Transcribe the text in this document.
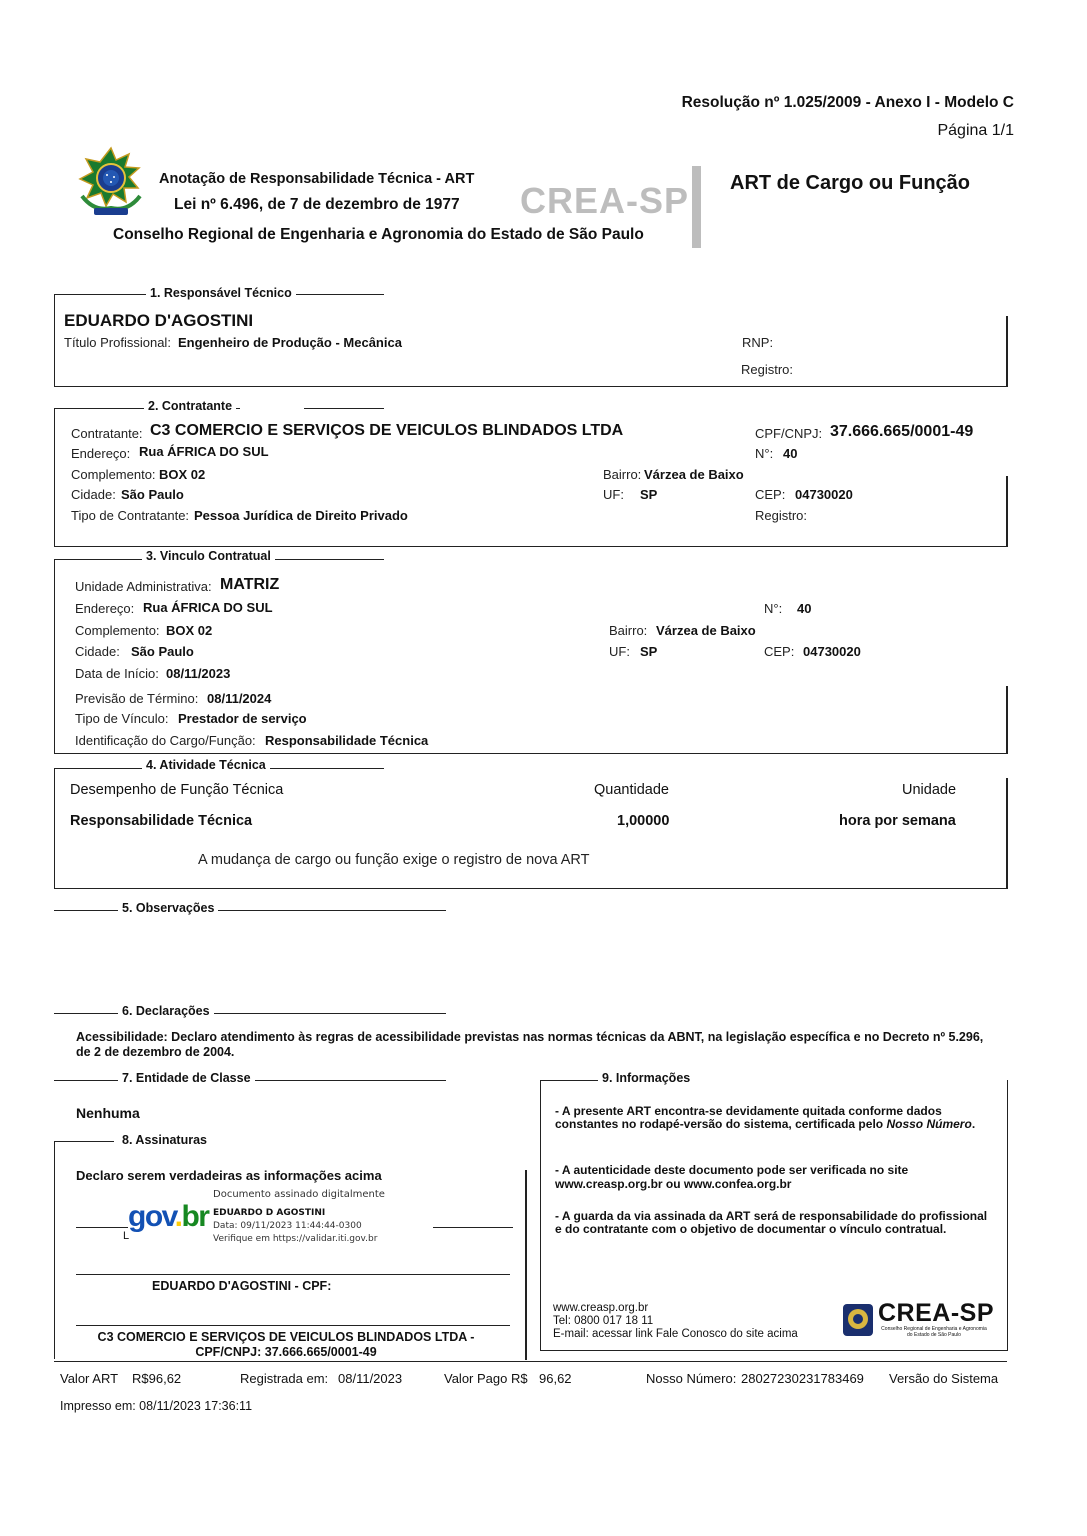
Resolução nº 1.025/2009 - Anexo I - Modelo C
Página 1/1
Anotação de Responsabilidade Técnica - ART
Lei nº 6.496, de 7 de dezembro de 1977
Conselho Regional de Engenharia e Agronomia do Estado de São Paulo
CREA-SP ART de Cargo ou Função
1. Responsável Técnico
EDUARDO D'AGOSTINI
Título Profissional: Engenheiro de Produção - Mecânica	RNP:
Registro:
2. Contratante
Contratante: C3 COMERCIO E SERVIÇOS DE VEICULOS BLINDADOS LTDA	CPF/CNPJ: 37.666.665/0001-49
Endereço: Rua ÁFRICA DO SUL	N°: 40
Complemento: BOX 02	Bairro: Várzea de Baixo
Cidade: São Paulo	UF: SP	CEP: 04730020
Tipo de Contratante: Pessoa Jurídica de Direito Privado	Registro:
3. Vinculo Contratual
Unidade Administrativa: MATRIZ
Endereço: Rua ÁFRICA DO SUL	N°: 40
Complemento: BOX 02	Bairro: Várzea de Baixo
Cidade: São Paulo	UF: SP	CEP: 04730020
Data de Início: 08/11/2023
Previsão de Término: 08/11/2024
Tipo de Vínculo: Prestador de serviço
Identificação do Cargo/Função: Responsabilidade Técnica
4. Atividade Técnica
Desempenho de Função Técnica	Quantidade	Unidade
Responsabilidade Técnica	1,00000	hora por semana
A mudança de cargo ou função exige o registro de nova ART
5. Observações
6. Declarações
Acessibilidade: Declaro atendimento às regras de acessibilidade previstas nas normas técnicas da ABNT, na legislação específica e no Decreto nº 5.296,
de 2 de dezembro de 2004.
7. Entidade de Classe
Nenhuma
8. Assinaturas
Declaro serem verdadeiras as informações acima
L
gov.br
Documento assinado digitalmente
EDUARDO D AGOSTINI
Data: 09/11/2023 11:44:44-0300
Verifique em https://validar.iti.gov.br
EDUARDO D'AGOSTINI - CPF:
C3 COMERCIO E SERVIÇOS DE VEICULOS BLINDADOS LTDA -
CPF/CNPJ: 37.666.665/0001-49
9. Informações
- A presente ART encontra-se devidamente quitada conforme dados
constantes no rodapé-versão do sistema, certificada pelo Nosso Número.
- A autenticidade deste documento pode ser verificada no site
www.creasp.org.br ou www.confea.org.br
- A guarda da via assinada da ART será de responsabilidade do profissional
e do contratante com o objetivo de documentar o vínculo contratual.
www.creasp.org.br
Tel: 0800 017 18 11
E-mail: acessar link Fale Conosco do site acima
CREA-SP
Conselho Regional de Engenharia e Agronomia do Estado de São Paulo
Valor ART R$96,62	Registrada em: 08/11/2023	Valor Pago R$ 96,62	Nosso Número: 28027230231783469 Versão do Sistema
Impresso em: 08/11/2023 17:36:11
